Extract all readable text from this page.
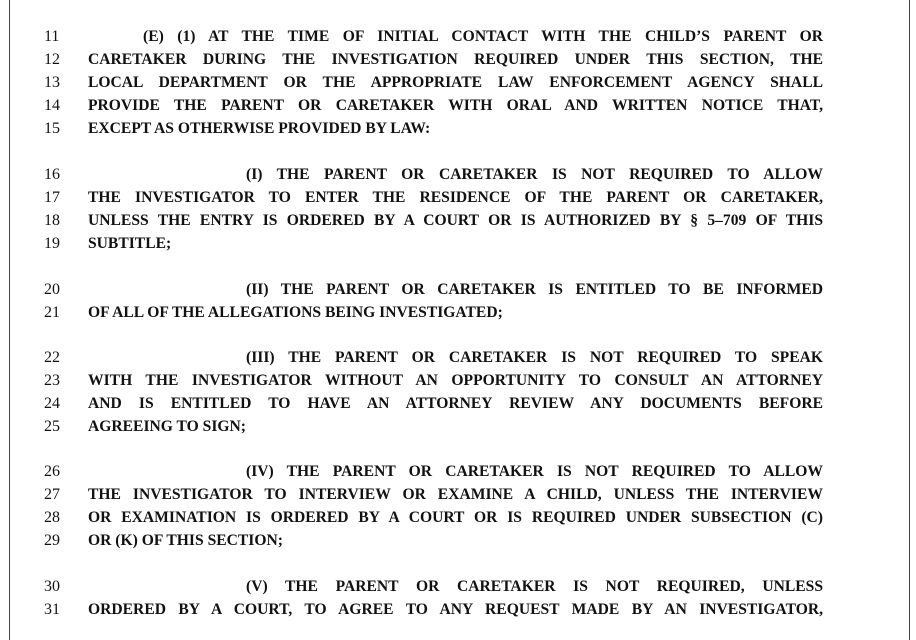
11	(E) (1) AT THE TIME OF INITIAL CONTACT WITH THE CHILD’S PARENT OR
12	CARETAKER DURING THE INVESTIGATION REQUIRED UNDER THIS SECTION, THE
13	LOCAL DEPARTMENT OR THE APPROPRIATE LAW ENFORCEMENT AGENCY SHALL
14	PROVIDE THE PARENT OR CARETAKER WITH ORAL AND WRITTEN NOTICE THAT,
15	EXCEPT AS OTHERWISE PROVIDED BY LAW:
16	(I) THE PARENT OR CARETAKER IS NOT REQUIRED TO ALLOW
17	THE INVESTIGATOR TO ENTER THE RESIDENCE OF THE PARENT OR CARETAKER,
18	UNLESS THE ENTRY IS ORDERED BY A COURT OR IS AUTHORIZED BY § 5–709 OF THIS
19	SUBTITLE;
20	(II) THE PARENT OR CARETAKER IS ENTITLED TO BE INFORMED
21	OF ALL OF THE ALLEGATIONS BEING INVESTIGATED;
22	(III) THE PARENT OR CARETAKER IS NOT REQUIRED TO SPEAK
23	WITH THE INVESTIGATOR WITHOUT AN OPPORTUNITY TO CONSULT AN ATTORNEY
24	AND IS ENTITLED TO HAVE AN ATTORNEY REVIEW ANY DOCUMENTS BEFORE
25	AGREEING TO SIGN;
26	(IV) THE PARENT OR CARETAKER IS NOT REQUIRED TO ALLOW
27	THE INVESTIGATOR TO INTERVIEW OR EXAMINE A CHILD, UNLESS THE INTERVIEW
28	OR EXAMINATION IS ORDERED BY A COURT OR IS REQUIRED UNDER SUBSECTION (C)
29	OR (K) OF THIS SECTION;
30	(V) THE PARENT OR CARETAKER IS NOT REQUIRED, UNLESS
31	ORDERED BY A COURT, TO AGREE TO ANY REQUEST MADE BY AN INVESTIGATOR,
